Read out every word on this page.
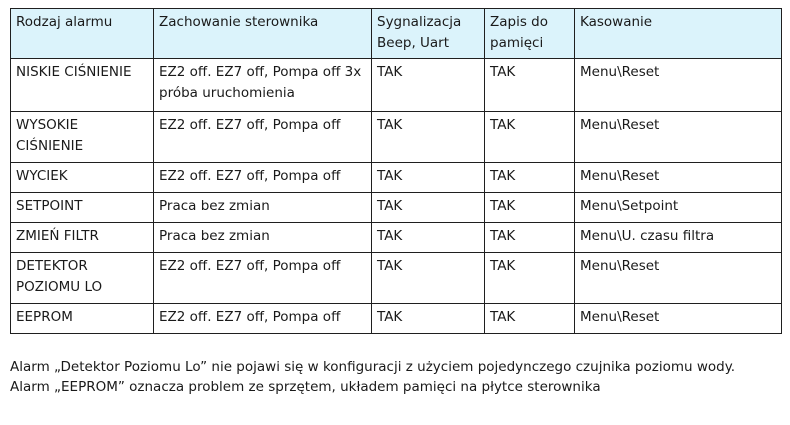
Rodzaj alarmu	Zachowanie sterownika	Sygnalizacja Beep, Uart	Zapis do pamięci	Kasowanie
NISKIE CIŚNIENIE	EZ2 off. EZ7 off, Pompa off 3x próba uruchomienia	TAK	TAK	Menu\Reset
WYSOKIE CIŚNIENIE	EZ2 off. EZ7 off, Pompa off	TAK	TAK	Menu\Reset
WYCIEK	EZ2 off. EZ7 off, Pompa off	TAK	TAK	Menu\Reset
SETPOINT	Praca bez zmian	TAK	TAK	Menu\Setpoint
ZMIEŃ FILTR	Praca bez zmian	TAK	TAK	Menu\U. czasu filtra
DETEKTOR POZIOMU LO	EZ2 off. EZ7 off, Pompa off	TAK	TAK	Menu\Reset
EEPROM	EZ2 off. EZ7 off, Pompa off	TAK	TAK	Menu\Reset

Alarm „Detektor Poziomu Lo” nie pojawi się w konfiguracji z użyciem pojedynczego czujnika poziomu wody.

Alarm „EEPROM” oznacza problem ze sprzętem, układem pamięci na płytce sterownika
